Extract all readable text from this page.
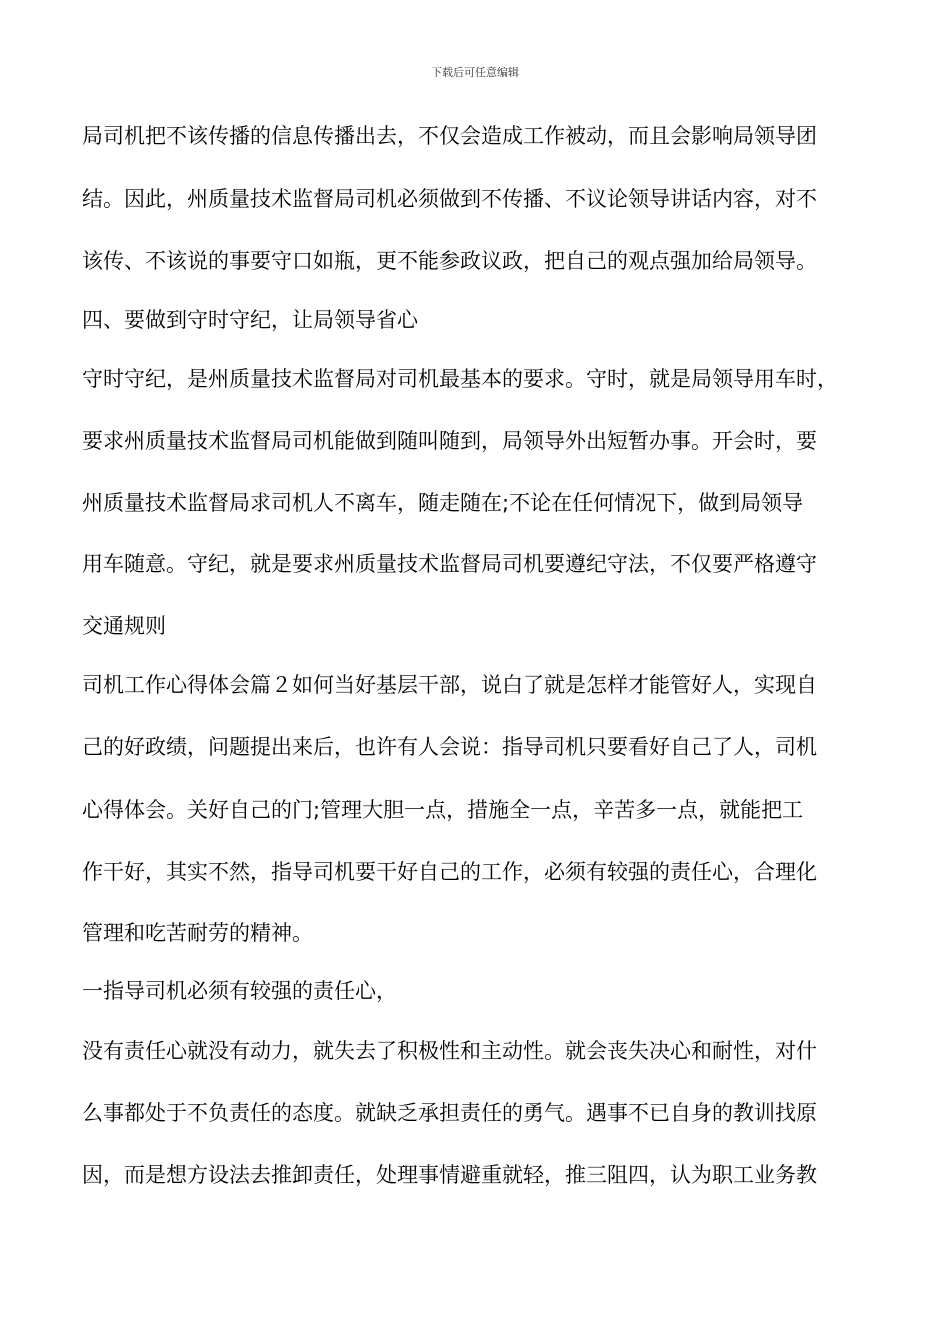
下载后可任意编辑

局司机把不该传播的信息传播出去，不仅会造成工作被动，而且会影响局领导团

结。因此，州质量技术监督局司机必须做到不传播、不议论领导讲话内容，对不

该传、不该说的事要守口如瓶，更不能参政议政，把自己的观点强加给局领导。

四、要做到守时守纪，让局领导省心

守时守纪，是州质量技术监督局对司机最基本的要求。守时，就是局领导用车时，

要求州质量技术监督局司机能做到随叫随到，局领导外出短暂办事。开会时，要

州质量技术监督局求司机人不离车，随走随在;不论在任何情况下，做到局领导

用车随意。守纪，就是要求州质量技术监督局司机要遵纪守法，不仅要严格遵守

交通规则

司机工作心得体会篇２如何当好基层干部，说白了就是怎样才能管好人，实现自

己的好政绩，问题提出来后，也许有人会说：指导司机只要看好自己了人，司机

心得体会。关好自己的门;管理大胆一点，措施全一点，辛苦多一点，就能把工

作干好，其实不然，指导司机要干好自己的工作，必须有较强的责任心，合理化

管理和吃苦耐劳的精神。

一指导司机必须有较强的责任心，

没有责任心就没有动力，就失去了积极性和主动性。就会丧失决心和耐性，对什

么事都处于不负责任的态度。就缺乏承担责任的勇气。遇事不已自身的教训找原

因，而是想方设法去推卸责任，处理事情避重就轻，推三阻四，认为职工业务教
